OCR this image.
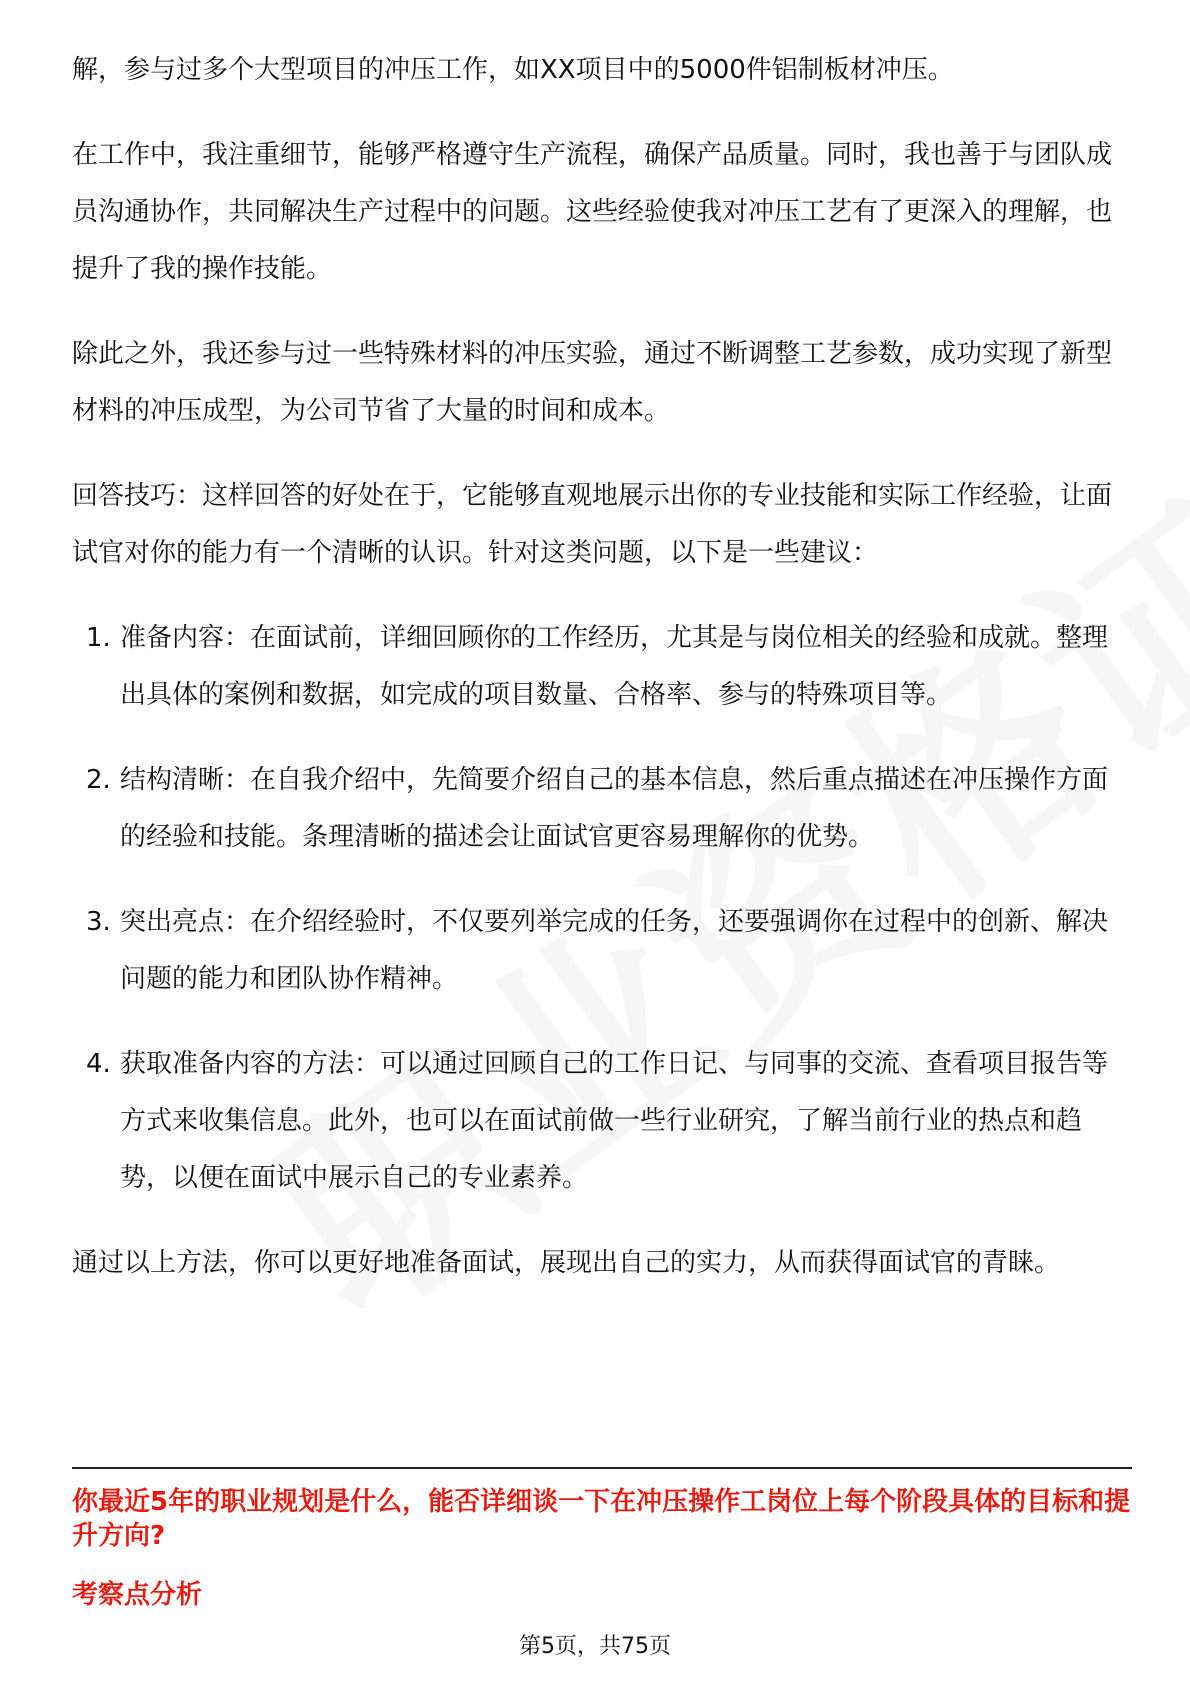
解，参与过多个大型项目的冲压工作，如XX项目中的5000件铝制板材冲压。

在工作中，我注重细节，能够严格遵守生产流程，确保产品质量。同时，我也善于与团队成员沟通协作，共同解决生产过程中的问题。这些经验使我对冲压工艺有了更深入的理解，也提升了我的操作技能。

除此之外，我还参与过一些特殊材料的冲压实验，通过不断调整工艺参数，成功实现了新型材料的冲压成型，为公司节省了大量的时间和成本。

回答技巧：这样回答的好处在于，它能够直观地展示出你的专业技能和实际工作经验，让面试官对你的能力有一个清晰的认识。针对这类问题，以下是一些建议：

1. 准备内容：在面试前，详细回顾你的工作经历，尤其是与岗位相关的经验和成就。整理出具体的案例和数据，如完成的项目数量、合格率、参与的特殊项目等。
2. 结构清晰：在自我介绍中，先简要介绍自己的基本信息，然后重点描述在冲压操作方面的经验和技能。条理清晰的描述会让面试官更容易理解你的优势。
3. 突出亮点：在介绍经验时，不仅要列举完成的任务，还要强调你在过程中的创新、解决问题的能力和团队协作精神。
4. 获取准备内容的方法：可以通过回顾自己的工作日记、与同事的交流、查看项目报告等方式来收集信息。此外，也可以在面试前做一些行业研究，了解当前行业的热点和趋势，以便在面试中展示自己的专业素养。

通过以上方法，你可以更好地准备面试，展现出自己的实力，从而获得面试官的青睐。

你最近5年的职业规划是什么，能否详细谈一下在冲压操作工岗位上每个阶段具体的目标和提升方向?
考察点分析
第5页，共75页
